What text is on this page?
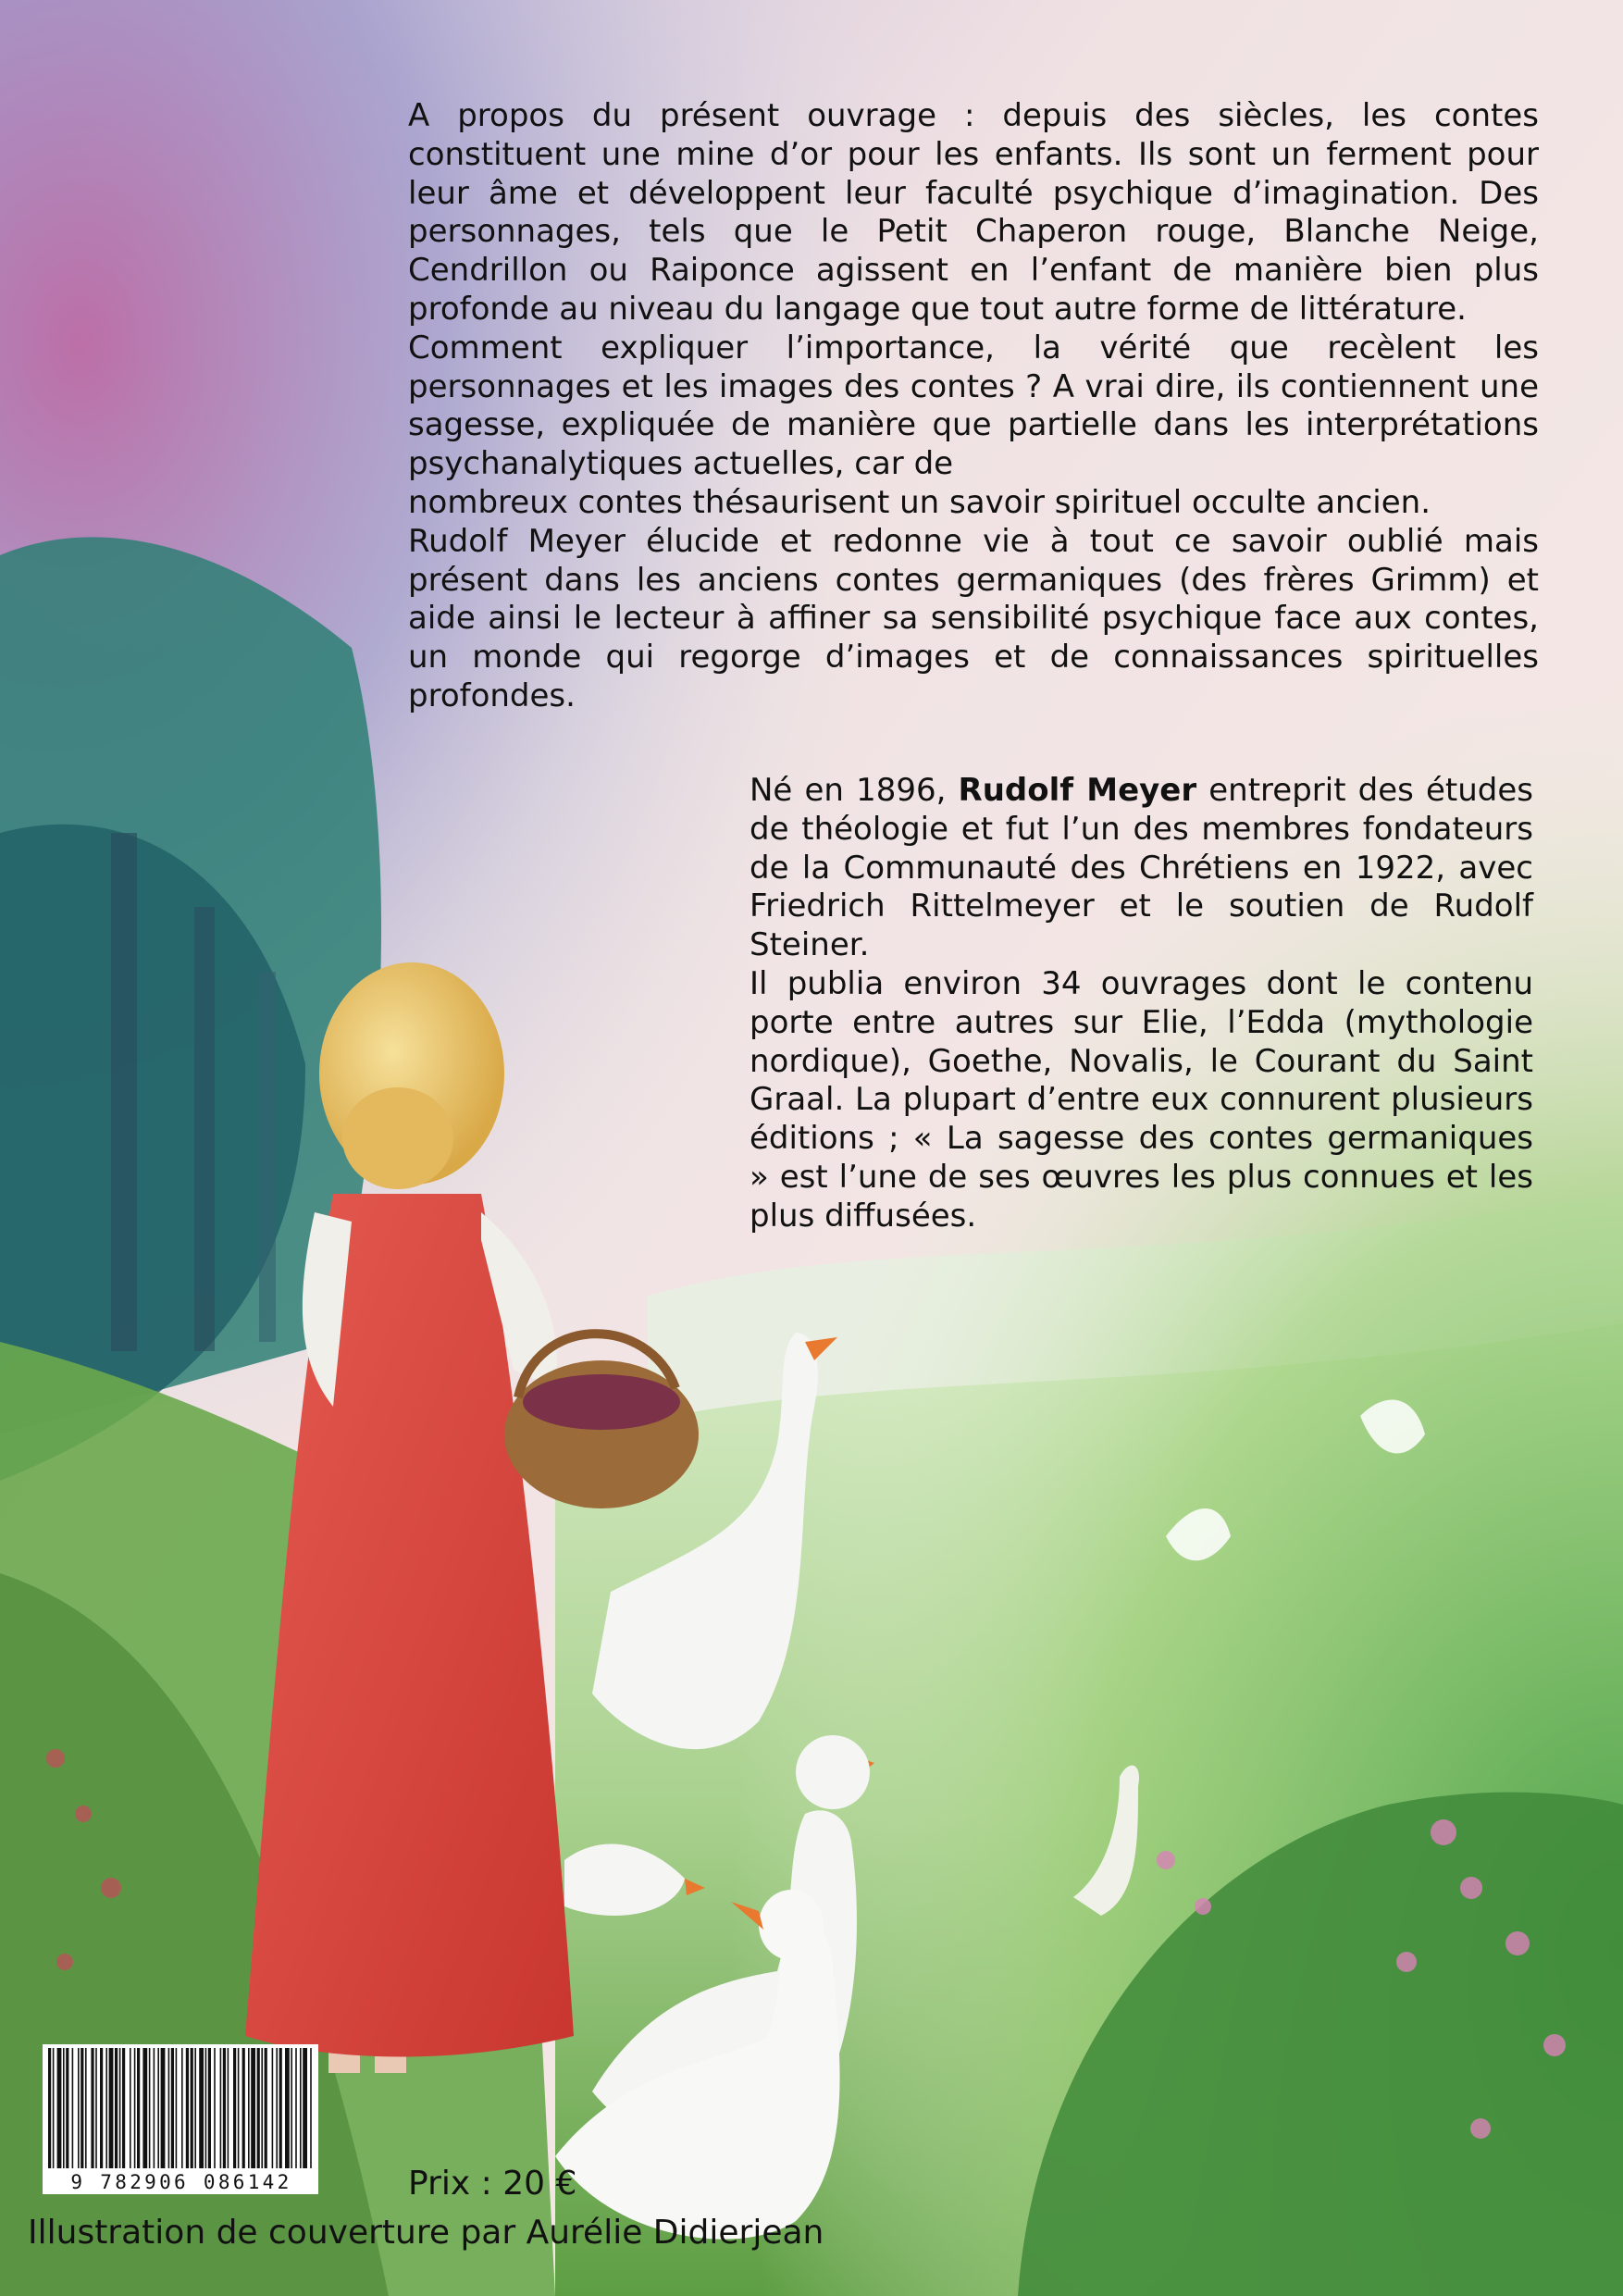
A propos du présent ouvrage : depuis des siècles, les contes constituent une mine d’or pour les enfants. Ils sont un ferment pour leur âme et développent leur faculté psychique d’imagination. Des personnages, tels que le Petit Chaperon rouge, Blanche Neige, Cendrillon ou Raiponce agissent en l’enfant de manière bien plus profonde au niveau du langage que tout autre forme de littérature.

Comment expliquer l’importance, la vérité que recèlent les personnages et les images des contes ? A vrai dire, ils contiennent une sagesse, expliquée de manière que partielle dans les interprétations psychanalytiques actuelles, car de

nombreux contes thésaurisent un savoir spirituel occulte ancien.

Rudolf Meyer élucide et redonne vie à tout ce savoir oublié mais présent dans les anciens contes germaniques (des frères Grimm) et aide ainsi le lecteur à affiner sa sensibilité psychique face aux contes, un monde qui regorge d’images et de connaissances spirituelles profondes.

Né en 1896, Rudolf Meyer entreprit des études de théologie et fut l’un des membres fondateurs de la Communauté des Chrétiens en 1922, avec Friedrich Rittelmeyer et le soutien de Rudolf Steiner.

Il publia environ 34 ouvrages dont le contenu porte entre autres sur Elie, l’Edda (mythologie nordique), Goethe, Novalis, le Courant du Saint Graal. La plupart d’entre eux connurent plusieurs éditions ; « La sagesse des contes germaniques » est l’une de ses œuvres les plus connues et les plus diffusées.

9 782906 086142	Prix : 20 €
Illustration de couverture par Aurélie Didierjean
